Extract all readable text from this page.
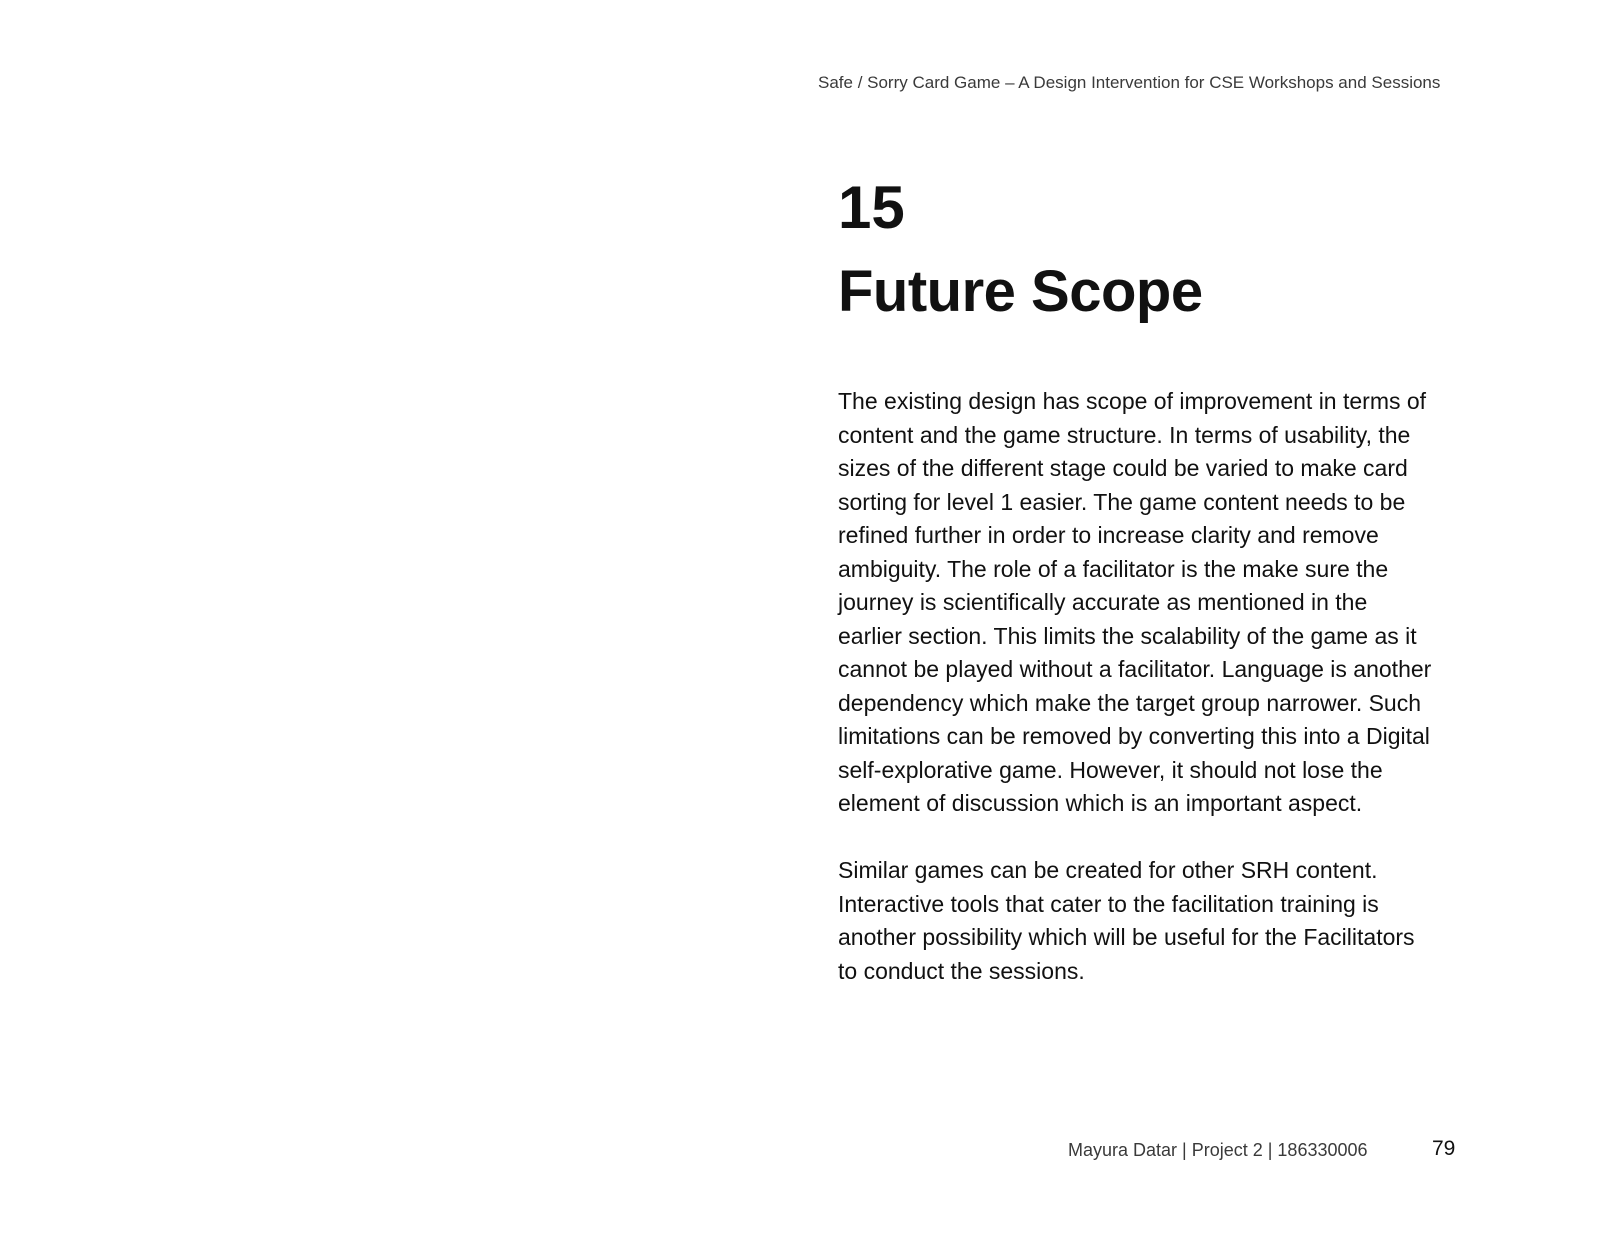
Safe / Sorry Card Game – A Design Intervention for CSE Workshops and Sessions
15
Future Scope

The existing design has scope of improvement in terms of
content and the game structure. In terms of usability, the
sizes of the different stage could be varied to make card
sorting for level 1 easier. The game content needs to be
refined further in order to increase clarity and remove
ambiguity. The role of a facilitator is the make sure the
journey is scientifically accurate as mentioned in the
earlier section. This limits the scalability of the game as it
cannot be played without a facilitator. Language is another
dependency which make the target group narrower. Such
limitations can be removed by converting this into a Digital
self-explorative game. However, it should not lose the
element of discussion which is an important aspect.

Similar games can be created for other SRH content.
Interactive tools that cater to the facilitation training is
another possibility which will be useful for the Facilitators
to conduct the sessions.

Mayura Datar | Project 2 | 186330006	79
